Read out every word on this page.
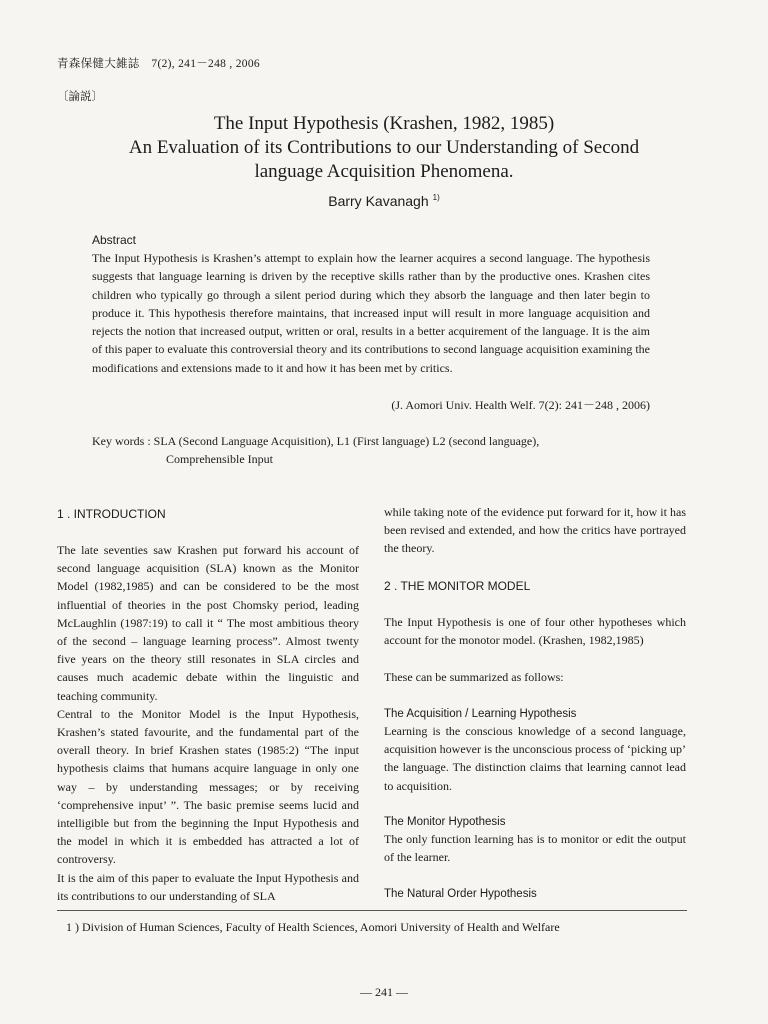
青森保健大雑誌　7(2), 241－248 , 2006
〔論説〕
The Input Hypothesis (Krashen, 1982, 1985)
An Evaluation of its Contributions to our Understanding of Second
language Acquisition Phenomena.
Barry Kavanagh $^{1)}$
Abstract
The Input Hypothesis is Krashen’s attempt to explain how the learner acquires a second language. The hypothesis suggests that language learning is driven by the receptive skills rather than by the productive ones. Krashen cites children who typically go through a silent period during which they absorb the language and then later begin to produce it. This hypothesis therefore maintains, that increased input will result in more language acquisition and rejects the notion that increased output, written or oral, results in a better acquirement of the language. It is the aim of this paper to evaluate this controversial theory and its contributions to second language acquisition examining the modifications and extensions made to it and how it has been met by critics.
(J. Aomori Univ. Health Welf. 7(2): 241－248 , 2006)
Key words : SLA (Second Language Acquisition), L1 (First language) L2 (second language),
Comprehensible Input
1 . INTRODUCTION

The late seventies saw Krashen put forward his account of second language acquisition (SLA) known as the Monitor Model (1982,1985) and can be considered to be the most influential of theories in the post Chomsky period, leading McLaughlin (1987:19) to call it “ The most ambitious theory of the second – language learning process”. Almost twenty five years on the theory still resonates in SLA circles and causes much academic debate within the linguistic and teaching community.

Central to the Monitor Model is the Input Hypothesis, Krashen’s stated favourite, and the fundamental part of the overall theory. In brief Krashen states (1985:2) “The input hypothesis claims that humans acquire language in only one way – by understanding messages; or by receiving ‘comprehensive input’ ”. The basic premise seems lucid and intelligible but from the beginning the Input Hypothesis and the model in which it is embedded has attracted a lot of controversy.

It is the aim of this paper to evaluate the Input Hypothesis and its contributions to our understanding of SLA

while taking note of the evidence put forward for it, how it has been revised and extended, and how the critics have portrayed the theory.
2 . THE MONITOR MODEL
The Input Hypothesis is one of four other hypotheses which account for the monotor model. (Krashen, 1982,1985)
These can be summarized as follows:
The Acquisition / Learning Hypothesis
Learning is the conscious knowledge of a second language, acquisition however is the unconscious process of ‘picking up’ the language. The distinction claims that learning cannot lead to acquisition.
The Monitor Hypothesis
The only function learning has is to monitor or edit the output of the learner.
The Natural Order Hypothesis
1 ) Division of Human Sciences, Faculty of Health Sciences, Aomori University of Health and Welfare
— 241 —
